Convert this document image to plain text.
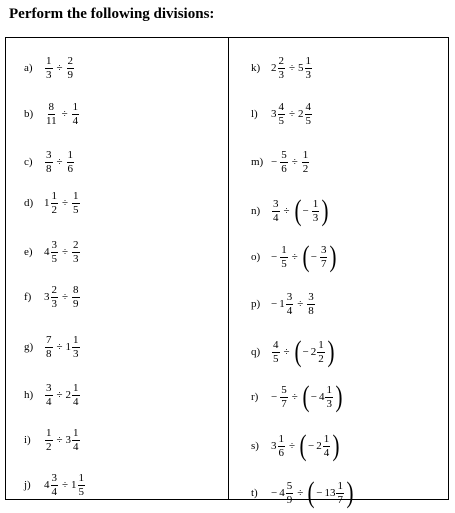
Perform the following divisions:
a)	$\frac{1}{3} \div \frac{2}{9}$
b)	$\frac{8}{11} \div \frac{1}{4}$
c)	$\frac{3}{8} \div \frac{1}{6}$
d) $1 \frac{1}{2} \div \frac{1}{5}$
e)	$4 \frac{3}{5} \div \frac{2}{3}$
f)	$3 \frac{2}{3} \div \frac{8}{9}$
g)	$\frac{7}{8} \div 1 \frac{1}{3}$
h)	$\frac{3}{4} \div 2 \frac{1}{4}$
i)	$\frac{1}{2} \div 3 \frac{1}{4}$
j)	$4 \frac{3}{4} \div 1 \frac{1}{5}$
k) $2 \frac{2}{3} \div 5 \frac{1}{3}$
l)	$3 \frac{4}{5} \div 2 \frac{4}{5}$
$m) - \frac{5}{6} \div \frac{1}{2}$
n)	$\frac{3}{4}$ ÷ ( − $\frac{1}{3}$ )
$o) - \frac{1}{5}$ ÷ ( − $\frac{3}{7}$ )
$p) - 1 \frac{3}{4} \div \frac{3}{8}$
q)	$\frac{4}{5}$ ÷ ( − $2 \frac{1}{2}$ )
r)	− $\frac{5}{7}$ ÷ ( − $4 \frac{1}{3}$ )
s)	$3 \frac{1}{6}$ ÷ ( − $2 \frac{1}{4}$ )
t)	− $4 \frac{5}{9}$ ÷ ( − $13 \frac{1}{7}$ )
